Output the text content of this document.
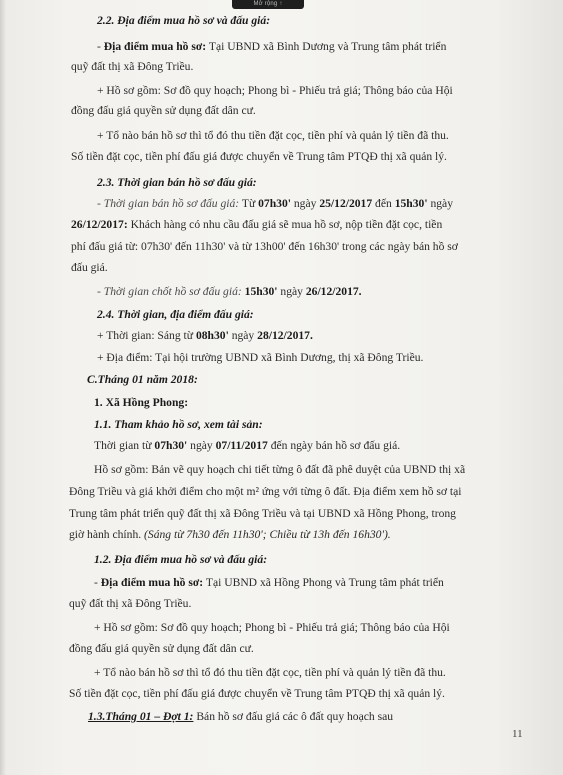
Mở rộng ↑
2.2. Địa điểm mua hồ sơ và đấu giá:
- Địa điểm mua hồ sơ: Tại UBND xã Bình Dương và Trung tâm phát triển
quỹ đất thị xã Đông Triều.
+ Hồ sơ gồm: Sơ đồ quy hoạch; Phong bì - Phiếu trả giá; Thông báo của Hội
đồng đấu giá quyền sử dụng đất dân cư.
+ Tổ nào bán hồ sơ thì tổ đó thu tiền đặt cọc, tiền phí và quản lý tiền đã thu.
Số tiền đặt cọc, tiền phí đấu giá được chuyển về Trung tâm PTQĐ thị xã quản lý.
2.3. Thời gian bán hồ sơ đấu giá:
- Thời gian bán hồ sơ đấu giá: Từ 07h30' ngày 25/12/2017 đến 15h30' ngày
26/12/2017: Khách hàng có nhu cầu đấu giá sẽ mua hồ sơ, nộp tiền đặt cọc, tiền
phí đấu giá từ: 07h30' đến 11h30' và từ 13h00' đến 16h30' trong các ngày bán hồ sơ
đấu giá.
- Thời gian chốt hồ sơ đấu giá: 15h30' ngày 26/12/2017.
2.4. Thời gian, địa điểm đấu giá:
+ Thời gian: Sáng từ 08h30' ngày 28/12/2017.
+ Địa điểm: Tại hội trường UBND xã Bình Dương, thị xã Đông Triều.
C.Tháng 01 năm 2018:
1. Xã Hồng Phong:
1.1. Tham khảo hồ sơ, xem tài sản:
Thời gian từ 07h30' ngày 07/11/2017 đến ngày bán hồ sơ đấu giá.
Hồ sơ gồm: Bản vẽ quy hoạch chi tiết từng ô đất đã phê duyệt của UBND thị xã
Đông Triều và giá khởi điểm cho một m² ứng với từng ô đất. Địa điểm xem hồ sơ tại
Trung tâm phát triển quỹ đất thị xã Đông Triều và tại UBND xã Hồng Phong, trong
giờ hành chính. (Sáng từ 7h30 đến 11h30'; Chiều từ 13h đến 16h30').
1.2. Địa điểm mua hồ sơ và đấu giá:
- Địa điểm mua hồ sơ: Tại UBND xã Hồng Phong và Trung tâm phát triển
quỹ đất thị xã Đông Triều.
+ Hồ sơ gồm: Sơ đồ quy hoạch; Phong bì - Phiếu trả giá; Thông báo của Hội
đồng đấu giá quyền sử dụng đất dân cư.
+ Tổ nào bán hồ sơ thì tổ đó thu tiền đặt cọc, tiền phí và quản lý tiền đã thu.
Số tiền đặt cọc, tiền phí đấu giá được chuyển về Trung tâm PTQĐ thị xã quản lý.
1.3.Tháng 01 – Đợt 1: Bán hồ sơ đấu giá các ô đất quy hoạch sau
11
